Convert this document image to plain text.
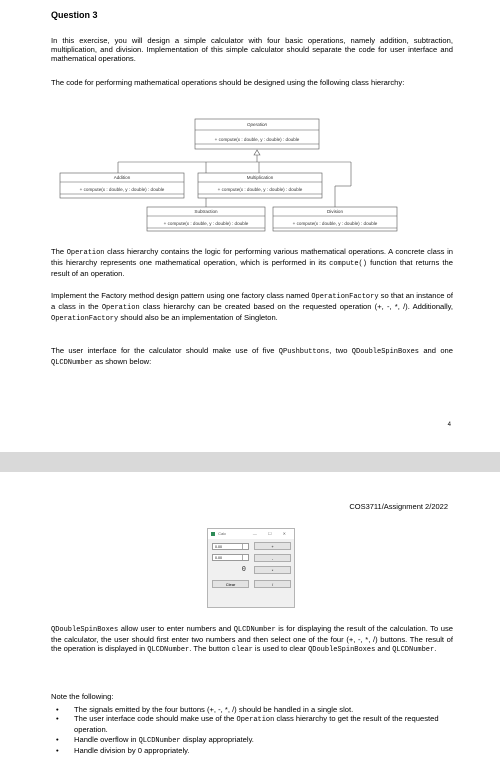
Question 3
In this exercise, you will design a simple calculator with four basic operations, namely addition, subtraction, multiplication, and division. Implementation of this simple calculator should separate the code for user interface and mathematical operations.
The code for performing mathematical operations should be designed using the following class hierarchy:
Operation
+ compute(x : double, y : double) : double
Addition
+ compute(x : double, y : double) : double
Multiplication
+ compute(x : double, y : double) : double
Subtraction
+ compute(x : double, y : double) : double
Division
+ compute(x : double, y : double) : double
The Operation class hierarchy contains the logic for performing various mathematical operations. A concrete class in this hierarchy represents one mathematical operation, which is performed in its compute() function that returns the result of an operation.
Implement the Factory method design pattern using one factory class named OperationFactory so that an instance of a class in the Operation class hierarchy can be created based on the requested operation (+, -, *, /). Additionally, OperationFactory should also be an implementation of Singleton.
The user interface for the calculator should make use of five QPushbuttons, two QDoubleSpinBoxes and one QLCDNumber as shown below:
4
COS3711/Assignment 2/2022
Calc	— ☐ ✕
0.00
0.00
0
+
-
*
Clear	/
QDoubleSpinBoxes allow user to enter numbers and QLCDNumber is for displaying the result of the calculation. To use the calculator, the user should first enter two numbers and then select one of the four (+, -, *, /) buttons. The result of the operation is displayed in QLCDNumber. The button clear is used to clear QDoubleSpinBoxes and QLCDNumber.
Note the following:
• The signals emitted by the four buttons (+, -, *, /) should be handled in a single slot.
• The user interface code should make use of the Operation class hierarchy to get the result of the requested operation.
• Handle overflow in QLCDNumber display appropriately.
• Handle division by 0 appropriately.
